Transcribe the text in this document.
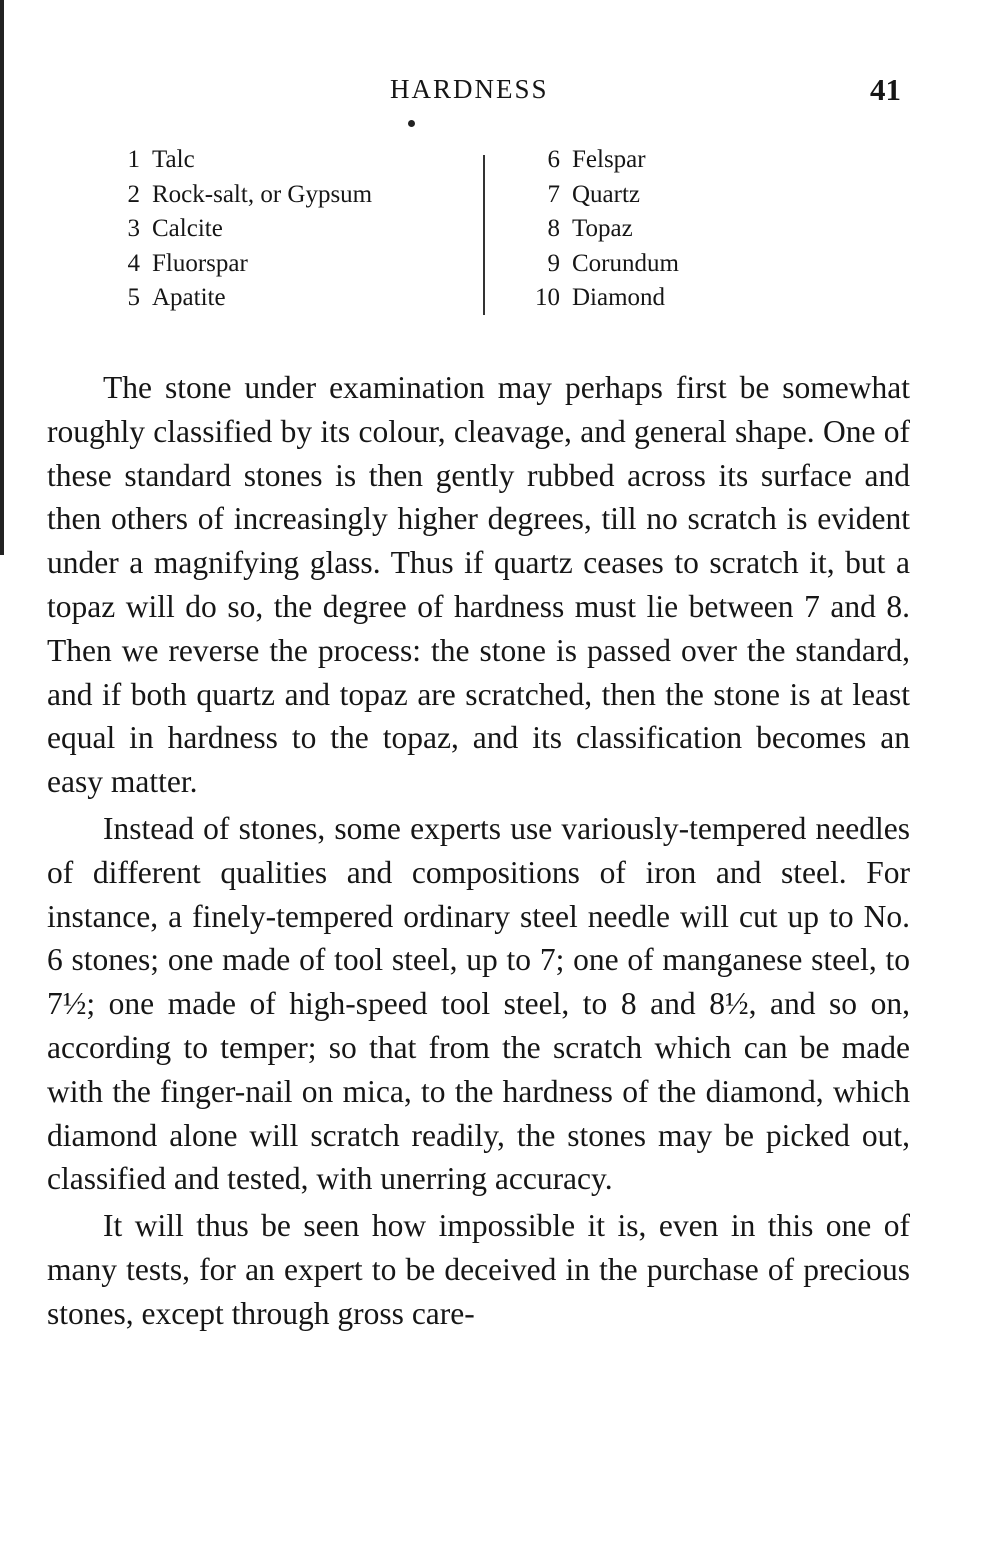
HARDNESS	41
1 Talc
2 Rock-salt, or Gypsum
3 Calcite
4 Fluorspar
5 Apatite
6 Felspar
7 Quartz
8 Topaz
9 Corundum
10 Diamond

The stone under examination may perhaps first be somewhat roughly classified by its colour, cleavage, and general shape. One of these standard stones is then gently rubbed across its surface and then others of increasingly higher degrees, till no scratch is evident under a magnifying glass. Thus if quartz ceases to scratch it, but a topaz will do so, the degree of hardness must lie between 7 and 8. Then we reverse the process: the stone is passed over the standard, and if both quartz and topaz are scratched, then the stone is at least equal in hardness to the topaz, and its classification becomes an easy matter.

Instead of stones, some experts use variously-tempered needles of different qualities and compositions of iron and steel. For instance, a finely-tempered ordinary steel needle will cut up to No. 6 stones; one made of tool steel, up to 7; one of manganese steel, to 7½; one made of high-speed tool steel, to 8 and 8½, and so on, according to temper; so that from the scratch which can be made with the finger-nail on mica, to the hardness of the diamond, which diamond alone will scratch readily, the stones may be picked out, classified and tested, with unerring accuracy.

It will thus be seen how impossible it is, even in this one of many tests, for an expert to be deceived in the purchase of precious stones, except through gross care-
